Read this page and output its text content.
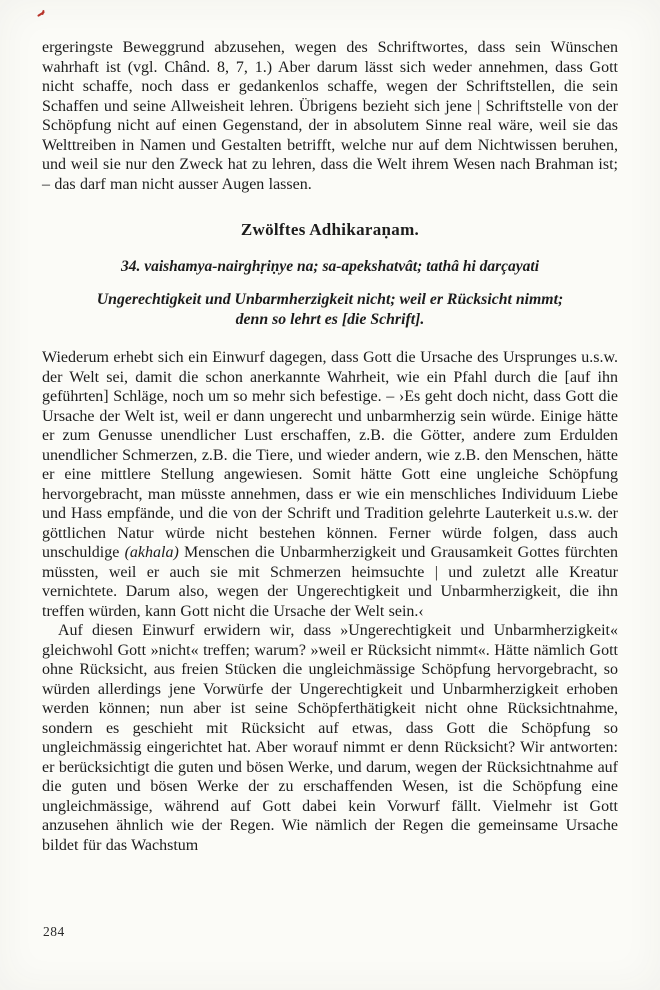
ergeringste Beweggrund abzusehen, wegen des Schriftwortes, dass sein Wünschen wahrhaft ist (vgl. Chând. 8, 7, 1.) Aber darum lässt sich weder annehmen, dass Gott nicht schaffe, noch dass er gedankenlos schaffe, wegen der Schriftstellen, die sein Schaffen und seine Allweisheit lehren. Übrigens bezieht sich jene | Schriftstelle von der Schöpfung nicht auf einen Gegenstand, der in absolutem Sinne real wäre, weil sie das Welttreiben in Namen und Gestalten betrifft, welche nur auf dem Nichtwissen beruhen, und weil sie nur den Zweck hat zu lehren, dass die Welt ihrem Wesen nach Brahman ist; – das darf man nicht ausser Augen lassen.

Zwölftes Adhikaraṇam.

34. vaishamya-nairghṛiṇye na; sa-apekshatvât; tathâ hi darçayati

Ungerechtigkeit und Unbarmherzigkeit nicht; weil er Rücksicht nimmt;
denn so lehrt es [die Schrift].

Wiederum erhebt sich ein Einwurf dagegen, dass Gott die Ursache des Ursprunges u.s.w. der Welt sei, damit die schon anerkannte Wahrheit, wie ein Pfahl durch die [auf ihn geführten] Schläge, noch um so mehr sich befestige. – ›Es geht doch nicht, dass Gott die Ursache der Welt ist, weil er dann ungerecht und unbarmherzig sein würde. Einige hätte er zum Genusse unendlicher Lust erschaffen, z.B. die Götter, andere zum Erdulden unendlicher Schmerzen, z.B. die Tiere, und wieder andern, wie z.B. den Menschen, hätte er eine mittlere Stellung angewiesen. Somit hätte Gott eine ungleiche Schöpfung hervorgebracht, man müsste annehmen, dass er wie ein menschliches Individuum Liebe und Hass empfände, und die von der Schrift und Tradition gelehrte Lauterkeit u.s.w. der göttlichen Natur würde nicht bestehen können. Ferner würde folgen, dass auch unschuldige (akhala) Menschen die Unbarmherzigkeit und Grausamkeit Gottes fürchten müssten, weil er auch sie mit Schmerzen heimsuchte | und zuletzt alle Kreatur vernichtete. Darum also, wegen der Ungerechtigkeit und Unbarmherzigkeit, die ihn treffen würden, kann Gott nicht die Ursache der Welt sein.‹

Auf diesen Einwurf erwidern wir, dass »Ungerechtigkeit und Unbarmherzigkeit« gleichwohl Gott »nicht« treffen; warum? »weil er Rücksicht nimmt«. Hätte nämlich Gott ohne Rücksicht, aus freien Stücken die ungleichmässige Schöpfung hervorgebracht, so würden allerdings jene Vorwürfe der Ungerechtigkeit und Unbarmherzigkeit erhoben werden können; nun aber ist seine Schöpferthätigkeit nicht ohne Rücksichtnahme, sondern es geschieht mit Rücksicht auf etwas, dass Gott die Schöpfung so ungleichmässig eingerichtet hat. Aber worauf nimmt er denn Rücksicht? Wir antworten: er berücksichtigt die guten und bösen Werke, und darum, wegen der Rücksichtnahme auf die guten und bösen Werke der zu erschaffenden Wesen, ist die Schöpfung eine ungleichmässige, während auf Gott dabei kein Vorwurf fällt. Vielmehr ist Gott anzusehen ähnlich wie der Regen. Wie nämlich der Regen die gemeinsame Ursache bildet für das Wachstum

284
